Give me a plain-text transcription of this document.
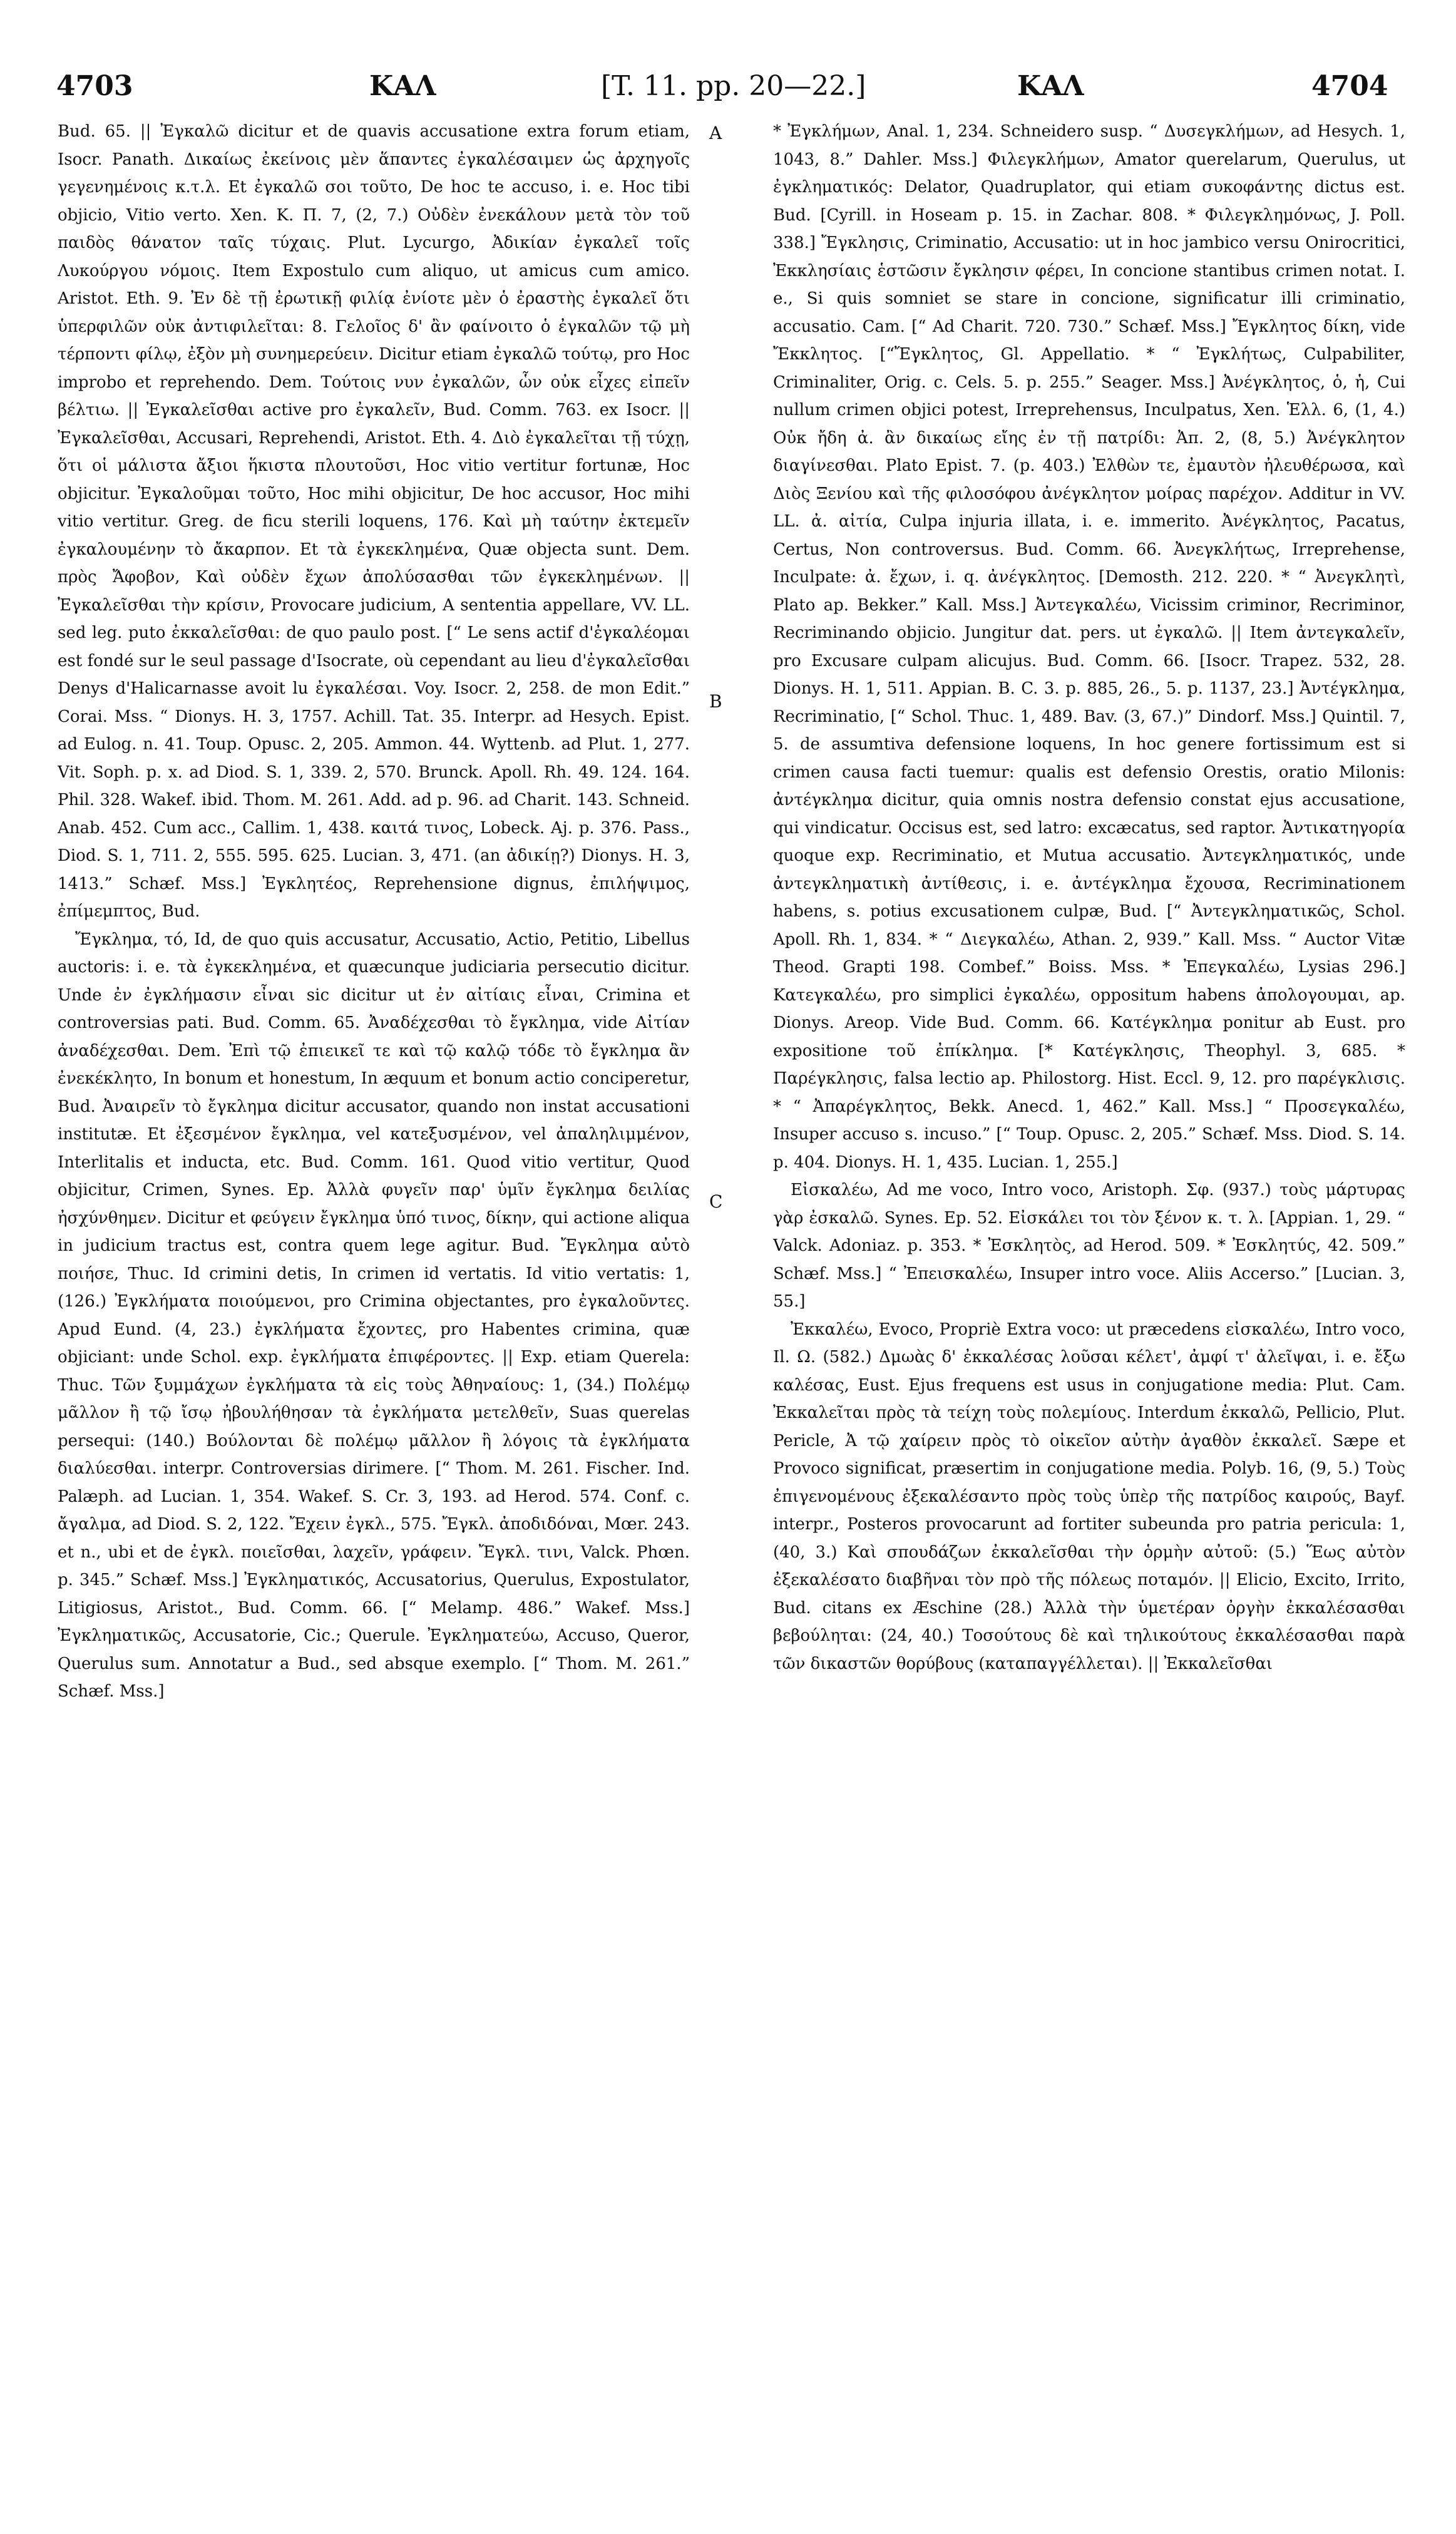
4703	ΚΑΛ	[T. 11. pp. 20—22.]	ΚΑΛ	4704

Bud. 65. || Ἐγκαλῶ dicitur et de quavis accusatione extra forum etiam, Isocr. Panath. Δικαίως ἐκείνοις μὲν ἅπαντες ἐγκαλέσαιμεν ὡς ἀρχηγοῖς γεγενημένοις κ.τ.λ. Et ἐγκαλῶ σοι τοῦτο, De hoc te accuso, i. e. Hoc tibi objicio, Vitio verto. Xen. Κ. Π. 7, (2, 7.) Οὐδὲν ἐνεκάλουν μετὰ τὸν τοῦ παιδὸς θάνατον ταῖς τύχαις. Plut. Lycurgo, Ἀδικίαν ἐγκαλεῖ τοῖς Λυκούργου νόμοις. Item Expostulo cum aliquo, ut amicus cum amico. Aristot. Eth. 9. Ἐν δὲ τῇ ἐρωτικῇ φιλίᾳ ἐνίοτε μὲν ὁ ἐραστὴς ἐγκαλεῖ ὅτι ὑπερφιλῶν οὐκ ἀντιφιλεῖται: 8. Γελοῖος δ' ἂν φαίνοιτο ὁ ἐγκαλῶν τῷ μὴ τέρποντι φίλῳ, ἐξὸν μὴ συνημερεύειν. Dicitur etiam ἐγκαλῶ τούτῳ, pro Hoc improbo et reprehendo. Dem. Τούτοις νυν ἐγκαλῶν, ὧν οὐκ εἶχες εἰπεῖν βέλτιω. || Ἐγκαλεῖσθαι active pro ἐγκαλεῖν, Bud. Comm. 763. ex Isocr. || Ἐγκαλεῖσθαι, Accusari, Reprehendi, Aristot. Eth. 4. Διὸ ἐγκαλεῖται τῇ τύχῃ, ὅτι οἱ μάλιστα ἄξιοι ἥκιστα πλουτοῦσι, Hoc vitio vertitur fortunæ, Hoc objicitur. Ἐγκαλοῦμαι τοῦτο, Hoc mihi objicitur, De hoc accusor, Hoc mihi vitio vertitur. Greg. de ficu sterili loquens, 176. Καὶ μὴ ταύτην ἐκτεμεῖν ἐγκαλουμένην τὸ ἄκαρπον. Et τὰ ἐγκεκλημένα, Quæ objecta sunt. Dem. πρὸς Ἄφοβον, Καὶ οὐδὲν ἔχων ἀπολύσασθαι τῶν ἐγκεκλημένων. || Ἐγκαλεῖσθαι τὴν κρίσιν, Provocare judicium, A sententia appellare, VV. LL. sed leg. puto ἐκκαλεῖσθαι: de quo paulo post. [“ Le sens actif d'ἐγκαλέομαι est fondé sur le seul passage d'Isocrate, où cependant au lieu d'ἐγκαλεῖσθαι Denys d'Halicarnasse avoit lu ἐγκαλέσαι. Voy. Isocr. 2, 258. de mon Edit.” Corai. Mss. “ Dionys. H. 3, 1757. Achill. Tat. 35. Interpr. ad Hesych. Epist. ad Eulog. n. 41. Toup. Opusc. 2, 205. Ammon. 44. Wyttenb. ad Plut. 1, 277. Vit. Soph. p. x. ad Diod. S. 1, 339. 2, 570. Brunck. Apoll. Rh. 49. 124. 164. Phil. 328. Wakef. ibid. Thom. M. 261. Add. ad p. 96. ad Charit. 143. Schneid. Anab. 452. Cum acc., Callim. 1, 438. καιτά τινος, Lobeck. Aj. p. 376. Pass., Diod. S. 1, 711. 2, 555. 595. 625. Lucian. 3, 471. (an ἀδικίῃ?) Dionys. H. 3, 1413.” Schæf. Mss.] Ἐγκλητέος, Reprehensione dignus, ἐπιλήψιμος, ἐπίμεμπτος, Bud.

Ἔγκλημα, τό, Id, de quo quis accusatur, Accusatio, Actio, Petitio, Libellus auctoris: i. e. τὰ ἐγκεκλημένα, et quæcunque judiciaria persecutio dicitur. Unde ἐν ἐγκλήμασιν εἶναι sic dicitur ut ἐν αἰτίαις εἶναι, Crimina et controversias pati. Bud. Comm. 65. Ἀναδέχεσθαι τὸ ἔγκλημα, vide Αἰτίαν ἀναδέχεσθαι. Dem. Ἐπὶ τῷ ἐπιεικεῖ τε καὶ τῷ καλῷ τόδε τὸ ἔγκλημα ἂν ἐνεκέκλητο, In bonum et honestum, In æquum et bonum actio conciperetur, Bud. Ἀναιρεῖν τὸ ἔγκλημα dicitur accusator, quando non instat accusationi institutæ. Et ἐξεσμένον ἔγκλημα, vel κατεξυσμένον, vel ἀπαληλιμμένον, Interlitalis et inducta, etc. Bud. Comm. 161. Quod vitio vertitur, Quod objicitur, Crimen, Synes. Ep. Ἀλλὰ φυγεῖν παρ' ὑμῖν ἔγκλημα δειλίας ἠσχύνθημεν. Dicitur et φεύγειν ἔγκλημα ὑπό τινος, δίκην, qui actione aliqua in judicium tractus est, contra quem lege agitur. Bud. Ἔγκλημα αὐτὸ ποιήσε, Thuc. Id crimini detis, In crimen id vertatis. Id vitio vertatis: 1, (126.) Ἐγκλήματα ποιούμενοι, pro Crimina objectantes, pro ἐγκαλοῦντες. Apud Eund. (4, 23.) ἐγκλήματα ἔχοντες, pro Habentes crimina, quæ objiciant: unde Schol. exp. ἐγκλήματα ἐπιφέροντες. || Exp. etiam Querela: Thuc. Τῶν ξυμμάχων ἐγκλήματα τὰ εἰς τοὺς Ἀθηναίους: 1, (34.) Πολέμῳ μᾶλλον ἢ τῷ ἴσῳ ἠβουλήθησαν τὰ ἐγκλήματα μετελθεῖν, Suas querelas persequi: (140.) Βούλονται δὲ πολέμῳ μᾶλλον ἢ λόγοις τὰ ἐγκλήματα διαλύεσθαι. interpr. Controversias dirimere. [“ Thom. M. 261. Fischer. Ind. Palæph. ad Lucian. 1, 354. Wakef. S. Cr. 3, 193. ad Herod. 574. Conf. c. ἄγαλμα, ad Diod. S. 2, 122. Ἔχειν ἐγκλ., 575. Ἔγκλ. ἀποδιδόναι, Mœr. 243. et n., ubi et de ἐγκλ. ποιεῖσθαι, λαχεῖν, γράφειν. Ἔγκλ. τινι, Valck. Phœn. p. 345.” Schæf. Mss.] Ἐγκληματικός, Accusatorius, Querulus, Expostulator, Litigiosus, Aristot., Bud. Comm. 66. [“ Melamp. 486.” Wakef. Mss.] Ἐγκληματικῶς, Accusatorie, Cic.; Querule. Ἐγκληματεύω, Accuso, Queror, Querulus sum. Annotatur a Bud., sed absque exemplo. [“ Thom. M. 261.” Schæf. Mss.]

A
B
C

* Ἐγκλήμων, Anal. 1, 234. Schneidero susp. “ Δυσεγκλήμων, ad Hesych. 1, 1043, 8.” Dahler. Mss.] Φιλεγκλήμων, Amator querelarum, Querulus, ut ἐγκληματικός: Delator, Quadruplator, qui etiam συκοφάντης dictus est. Bud. [Cyrill. in Hoseam p. 15. in Zachar. 808. * Φιλεγκλημόνως, J. Poll. 338.] Ἔγκλησις, Criminatio, Accusatio: ut in hoc jambico versu Onirocritici, Ἐκκλησίαις ἑστῶσιν ἔγκλησιν φέρει, In concione stantibus crimen notat. I. e., Si quis somniet se stare in concione, significatur illi criminatio, accusatio. Cam. [“ Ad Charit. 720. 730.” Schæf. Mss.] Ἔγκλητος δίκη, vide Ἔκκλητος. [“Ἔγκλητος, Gl. Appellatio. * “ Ἐγκλήτως, Culpabiliter, Criminaliter, Orig. c. Cels. 5. p. 255.” Seager. Mss.] Ἀνέγκλητος, ὁ, ἡ, Cui nullum crimen objici potest, Irreprehensus, Inculpatus, Xen. Ἑλλ. 6, (1, 4.) Οὐκ ἤδη ἀ. ἂν δικαίως εἴης ἐν τῇ πατρίδι: Ἀπ. 2, (8, 5.) Ἀνέγκλητον διαγίνεσθαι. Plato Epist. 7. (p. 403.) Ἐλθὼν τε, ἐμαυτὸν ἠλευθέρωσα, καὶ Διὸς Ξενίου καὶ τῆς φιλοσόφου ἀνέγκλητον μοίρας παρέχον. Additur in VV. LL. ἀ. αἰτία, Culpa injuria illata, i. e. immerito. Ἀνέγκλητος, Pacatus, Certus, Non controversus. Bud. Comm. 66. Ἀνεγκλήτως, Irreprehense, Inculpate: ἀ. ἔχων, i. q. ἀνέγκλητος. [Demosth. 212. 220. * “ Ἀνεγκλητὶ, Plato ap. Bekker.” Kall. Mss.] Ἀντεγκαλέω, Vicissim criminor, Recriminor, Recriminando objicio. Jungitur dat. pers. ut ἐγκαλῶ. || Item ἀντεγκαλεῖν, pro Excusare culpam alicujus. Bud. Comm. 66. [Isocr. Trapez. 532, 28. Dionys. H. 1, 511. Appian. B. C. 3. p. 885, 26., 5. p. 1137, 23.] Ἀντέγκλημα, Recriminatio, [“ Schol. Thuc. 1, 489. Bav. (3, 67.)” Dindorf. Mss.] Quintil. 7, 5. de assumtiva defensione loquens, In hoc genere fortissimum est si crimen causa facti tuemur: qualis est defensio Orestis, oratio Milonis: ἀντέγκλημα dicitur, quia omnis nostra defensio constat ejus accusatione, qui vindicatur. Occisus est, sed latro: excæcatus, sed raptor. Ἀντικατηγορία quoque exp. Recriminatio, et Mutua accusatio. Ἀντεγκληματικός, unde ἀντεγκληματικὴ ἀντίθεσις, i. e. ἀντέγκλημα ἔχουσα, Recriminationem habens, s. potius excusationem culpæ, Bud. [“ Ἀντεγκληματικῶς, Schol. Apoll. Rh. 1, 834. * “ Διεγκαλέω, Athan. 2, 939.” Kall. Mss. “ Auctor Vitæ Theod. Grapti 198. Combef.” Boiss. Mss. * Ἐπεγκαλέω, Lysias 296.] Κατεγκαλέω, pro simplici ἐγκαλέω, oppositum habens ἀπολογουμαι, ap. Dionys. Areop. Vide Bud. Comm. 66. Κατέγκλημα ponitur ab Eust. pro expositione τοῦ ἐπίκλημα. [* Κατέγκλησις, Theophyl. 3, 685. * Παρέγκλησις, falsa lectio ap. Philostorg. Hist. Eccl. 9, 12. pro παρέγκλισις. * “ Ἀπαρέγκλητος, Bekk. Anecd. 1, 462.” Kall. Mss.] “ Προσεγκαλέω, Insuper accuso s. incuso.” [“ Toup. Opusc. 2, 205.” Schæf. Mss. Diod. S. 14. p. 404. Dionys. H. 1, 435. Lucian. 1, 255.]

Εἰσκαλέω, Ad me voco, Intro voco, Aristoph. Σφ. (937.) τοὺς μάρτυρας γὰρ ἐσκαλῶ. Synes. Ep. 52. Εἰσκάλει τοι τὸν ξένον κ. τ. λ. [Appian. 1, 29. “ Valck. Adoniaz. p. 353. * Ἐσκλητὸς, ad Herod. 509. * Ἐσκλητύς, 42. 509.” Schæf. Mss.] “ Ἐπεισκαλέω, Insuper intro voce. Aliis Accerso.” [Lucian. 3, 55.]

Ἐκκαλέω, Evoco, Propriè Extra voco: ut præcedens εἰσκαλέω, Intro voco, Il. Ω. (582.) Δμωὰς δ' ἐκκαλέσας λοῦσαι κέλετ', ἀμφί τ' ἀλεῖψαι, i. e. ἔξω καλέσας, Eust. Ejus frequens est usus in conjugatione media: Plut. Cam. Ἐκκαλεῖται πρὸς τὰ τείχη τοὺς πολεμίους. Interdum ἐκκαλῶ, Pellicio, Plut. Pericle, Ἀ τῷ χαίρειν πρὸς τὸ οἰκεῖον αὐτὴν ἀγαθὸν ἐκκαλεῖ. Sæpe et Provoco significat, præsertim in conjugatione media. Polyb. 16, (9, 5.) Τοὺς ἐπιγενομένους ἐξεκαλέσαντο πρὸς τοὺς ὑπὲρ τῆς πατρίδος καιρούς, Bayf. interpr., Posteros provocarunt ad fortiter subeunda pro patria pericula: 1, (40, 3.) Καὶ σπουδάζων ἐκκαλεῖσθαι τὴν ὁρμὴν αὐτοῦ: (5.) Ἕως αὐτὸν ἐξεκαλέσατο διαβῆναι τὸν πρὸ τῆς πόλεως ποταμόν. || Elicio, Excito, Irrito, Bud. citans ex Æschine (28.) Ἀλλὰ τὴν ὑμετέραν ὀργὴν ἐκκαλέσασθαι βεβούληται: (24, 40.) Τοσούτους δὲ καὶ τηλικούτους ἐκκαλέσασθαι παρὰ τῶν δικαστῶν θορύβους (καταπαγγέλλεται). || Ἐκκαλεῖσθαι
